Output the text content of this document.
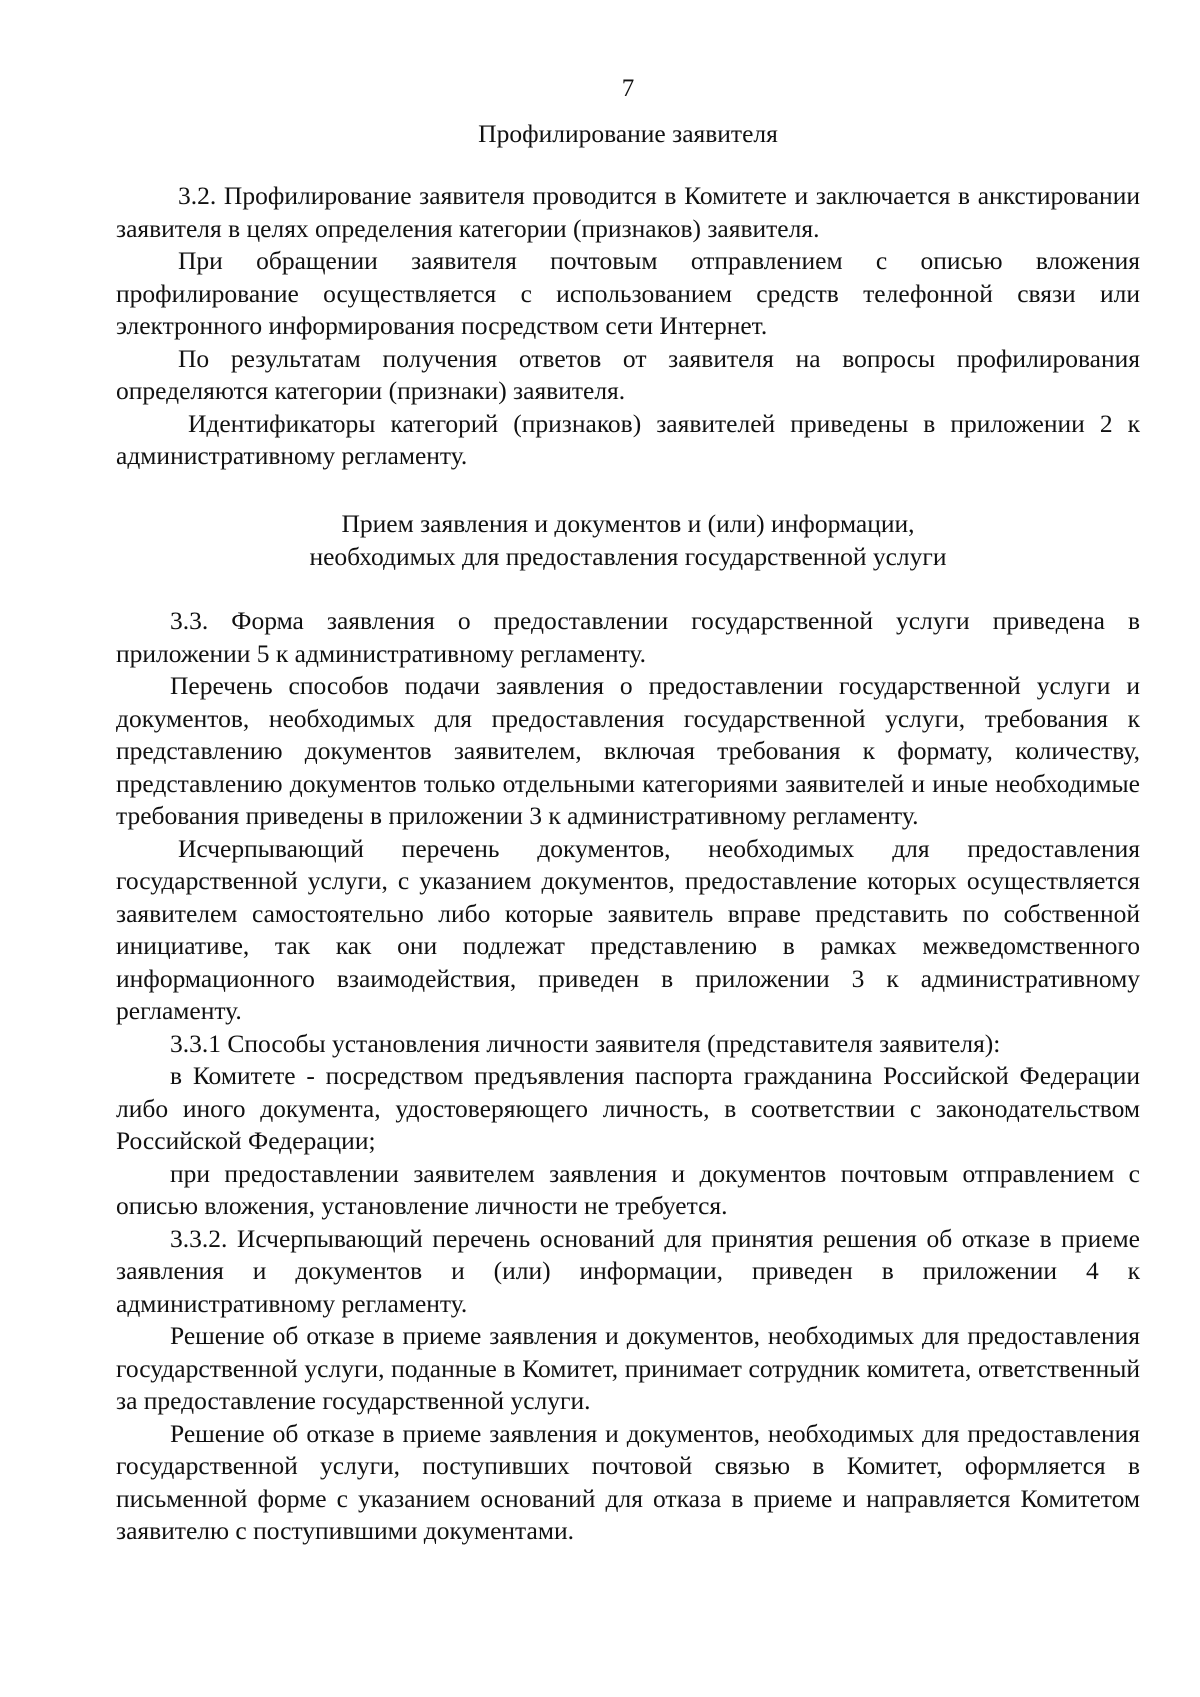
7
Профилирование заявителя

3.2. Профилирование заявителя проводится в Комитете и заключается в анкстировании заявителя в целях определения категории (признаков) заявителя.

При обращении заявителя почтовым отправлением с описью вложения профилирование осуществляется с использованием средств телефонной связи или электронного информирования посредством сети Интернет.

По результатам получения ответов от заявителя на вопросы профилирования определяются категории (признаки) заявителя.

Идентификаторы категорий (признаков) заявителей приведены в приложении 2 к административному регламенту.

Прием заявления и документов и (или) информации,
необходимых для предоставления государственной услуги

3.3. Форма заявления о предоставлении государственной услуги приведена в приложении 5 к административному регламенту.

Перечень способов подачи заявления о предоставлении государственной услуги и документов, необходимых для предоставления государственной услуги, требования к представлению документов заявителем, включая требования к формату, количеству, представлению документов только отдельными категориями заявителей и иные необходимые требования приведены в приложении 3 к административному регламенту.

Исчерпывающий перечень документов, необходимых для предоставления государственной услуги, с указанием документов, предоставление которых осуществляется заявителем самостоятельно либо которые заявитель вправе представить по собственной инициативе, так как они подлежат представлению в рамках межведомственного информационного взаимодействия, приведен в приложении 3 к административному регламенту.

3.3.1 Способы установления личности заявителя (представителя заявителя):

в Комитете - посредством предъявления паспорта гражданина Российской Федерации либо иного документа, удостоверяющего личность, в соответствии с законодательством Российской Федерации;

при предоставлении заявителем заявления и документов почтовым отправлением с описью вложения, установление личности не требуется.

3.3.2. Исчерпывающий перечень оснований для принятия решения об отказе в приеме заявления и документов и (или) информации, приведен в приложении 4 к административному регламенту.

Решение об отказе в приеме заявления и документов, необходимых для предоставления государственной услуги, поданные в Комитет, принимает сотрудник комитета, ответственный за предоставление государственной услуги.

Решение об отказе в приеме заявления и документов, необходимых для предоставления государственной услуги, поступивших почтовой связью в Комитет, оформляется в письменной форме с указанием оснований для отказа в приеме и направляется Комитетом заявителю с поступившими документами.
